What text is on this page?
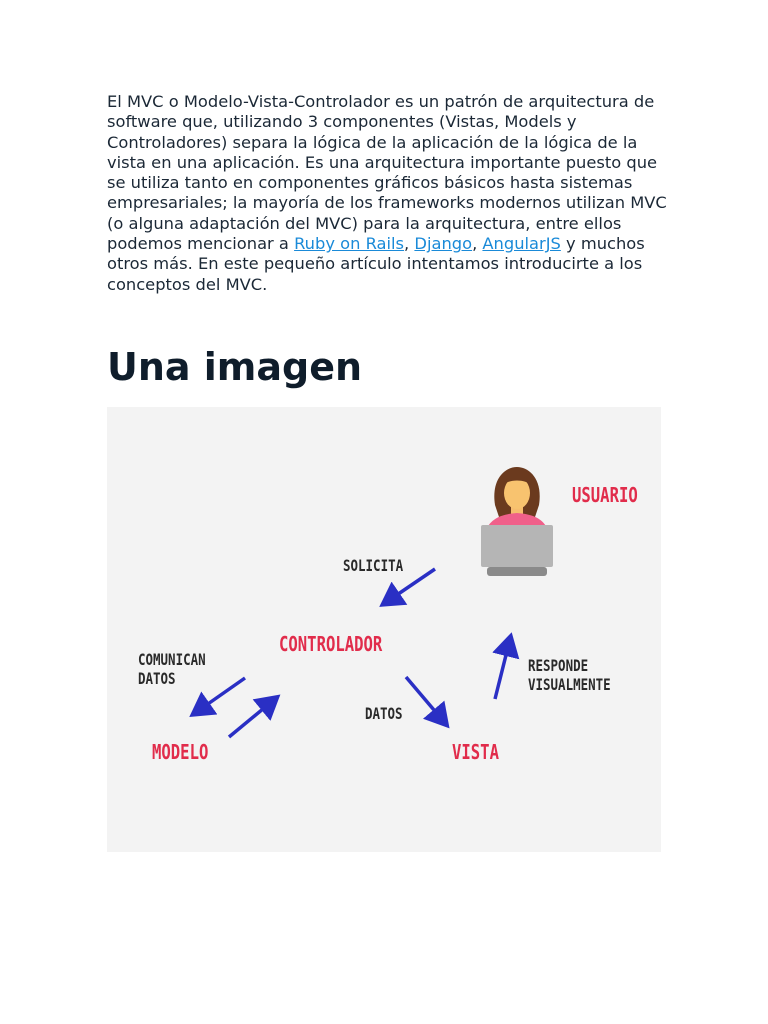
El MVC o Modelo-Vista-Controlador es un patrón de arquitectura de software que, utilizando 3 componentes (Vistas, Models y Controladores) separa la lógica de la aplicación de la lógica de la vista en una aplicación. Es una arquitectura importante puesto que se utiliza tanto en componentes gráficos básicos hasta sistemas empresariales; la mayoría de los frameworks modernos utilizan MVC (o alguna adaptación del MVC) para la arquitectura, entre ellos podemos mencionar a Ruby on Rails, Django, AngularJS y muchos otros más. En este pequeño artículo intentamos introducirte a los conceptos del MVC.

Una imagen
USUARIO
SOLICITA
CONTROLADOR
COMUNICAN
DATOS
RESPONDE
VISUALMENTE
DATOS
MODELO	VISTA
